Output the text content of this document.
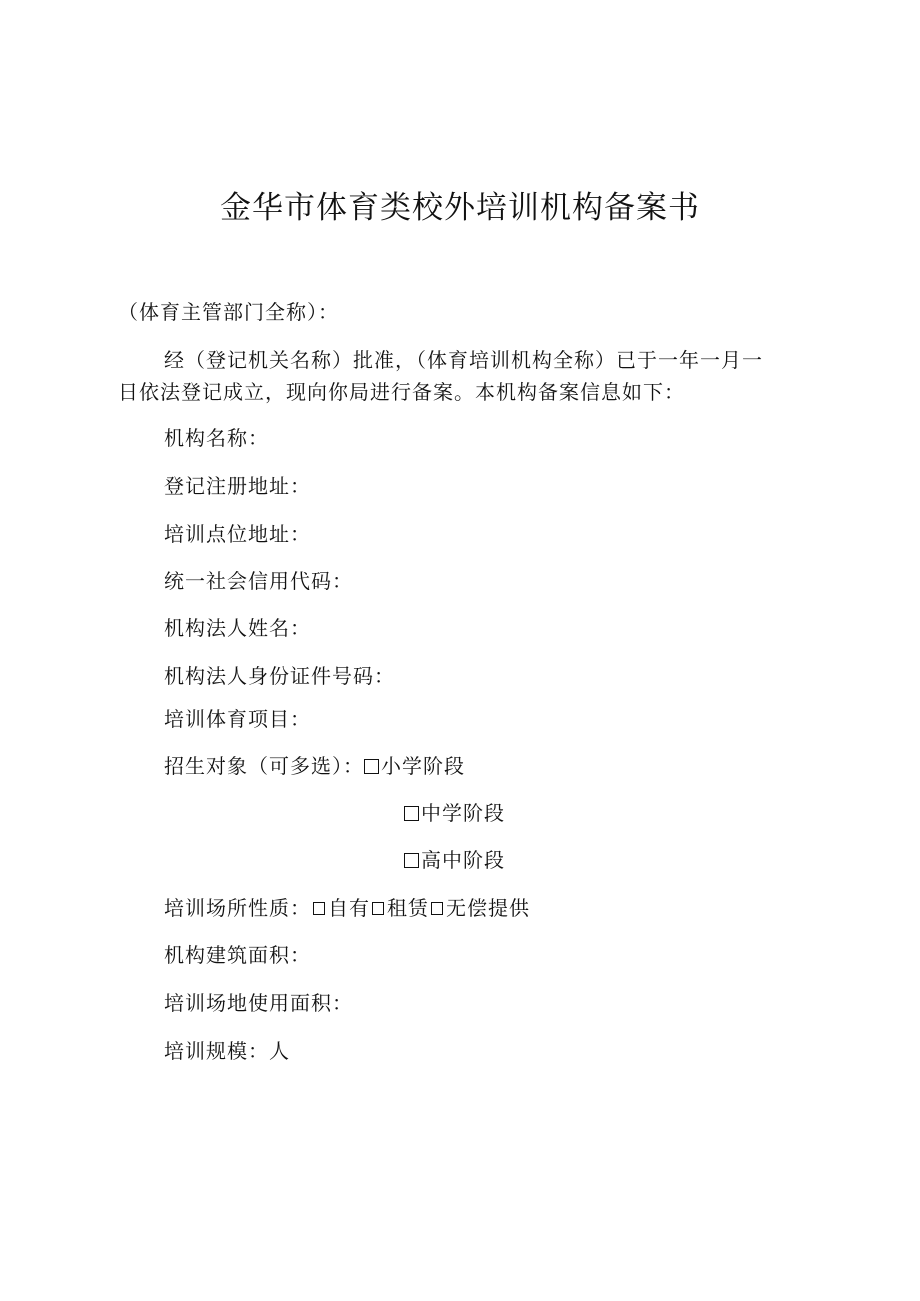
金华市体育类校外培训机构备案书
（体育主管部门全称）：
经（登记机关名称）批准，（体育培训机构全称）已于一年一月一
日依法登记成立，现向你局进行备案。本机构备案信息如下：
机构名称：
登记注册地址：
培训点位地址：
统一社会信用代码：
机构法人姓名：
机构法人身份证件号码：
培训体育项目：
招生对象（可多选）： 小学阶段
中学阶段
高中阶段
培训场所性质： 自有 租赁 无偿提供
机构建筑面积：
培训场地使用面积：
培训规模：人
